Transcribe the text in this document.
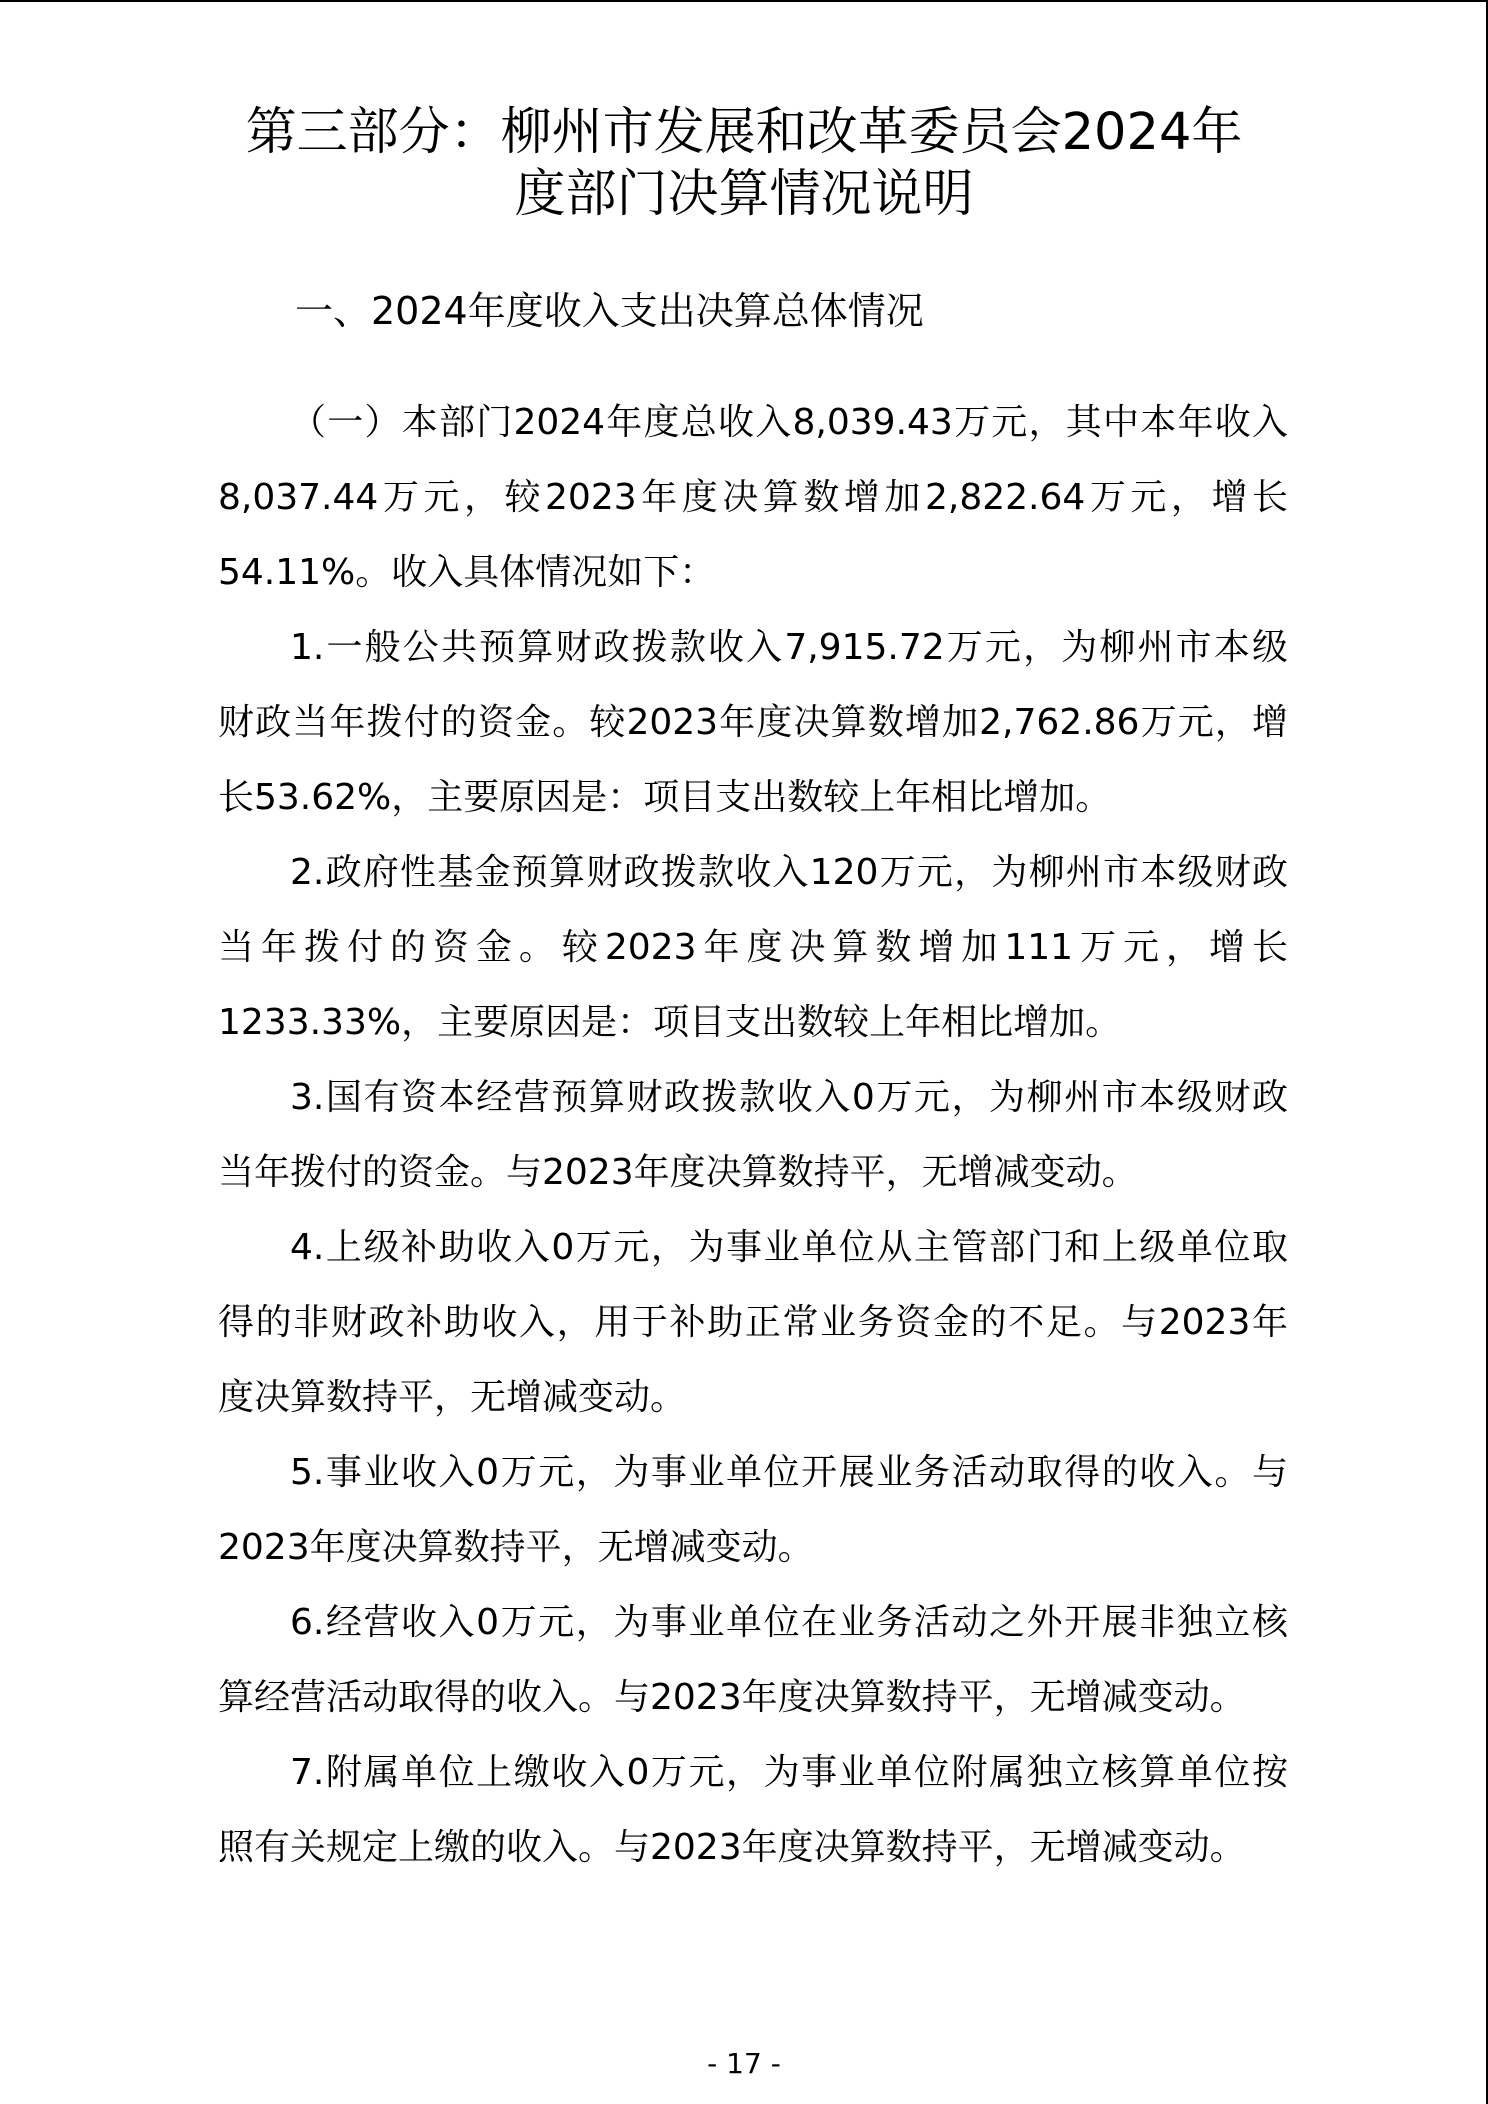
第三部分：柳州市发展和改革委员会2024年
度部门决算情况说明
一、2024年度收入支出决算总体情况
（一）本部门2024年度总收入8,039.43万元，其中本年收入
8,037.44万元，较2023年度决算数增加2,822.64万元，增长
54.11%。收入具体情况如下：
1.一般公共预算财政拨款收入7,915.72万元，为柳州市本级
财政当年拨付的资金。较2023年度决算数增加2,762.86万元，增
长53.62%，主要原因是：项目支出数较上年相比增加。
2.政府性基金预算财政拨款收入120万元，为柳州市本级财政
当年拨付的资金。较2023年度决算数增加111万元，增长
1233.33%，主要原因是：项目支出数较上年相比增加。
3.国有资本经营预算财政拨款收入0万元，为柳州市本级财政
当年拨付的资金。与2023年度决算数持平，无增减变动。
4.上级补助收入0万元，为事业单位从主管部门和上级单位取
得的非财政补助收入，用于补助正常业务资金的不足。与2023年
度决算数持平，无增减变动。
5.事业收入0万元，为事业单位开展业务活动取得的收入。与
2023年度决算数持平，无增减变动。
6.经营收入0万元，为事业单位在业务活动之外开展非独立核
算经营活动取得的收入。与2023年度决算数持平，无增减变动。
7.附属单位上缴收入0万元，为事业单位附属独立核算单位按
照有关规定上缴的收入。与2023年度决算数持平，无增减变动。
- 17 -
